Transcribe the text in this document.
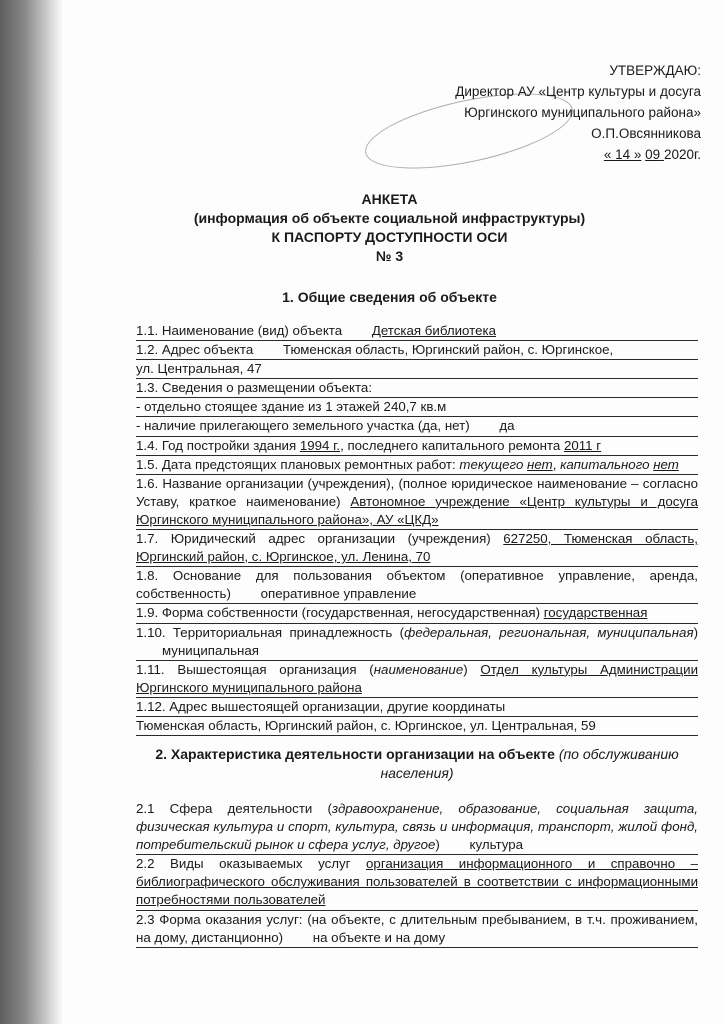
УТВЕРЖДАЮ:
Директор АУ «Центр культуры и досуга
Юргинского муниципального района»
О.П.Овсянникова
« 14 » 09 2020г.
АНКЕТА
(информация об объекте социальной инфраструктуры)
К ПАСПОРТУ ДОСТУПНОСТИ ОСИ
№ 3
1. Общие сведения об объекте
1.1. Наименование (вид) объекта Детская библиотека
1.2. Адрес объекта Тюменская область, Юргинский район, с. Юргинское,
ул. Центральная, 47
1.3. Сведения о размещении объекта:
- отдельно стоящее здание из 1 этажей 240,7 кв.м
- наличие прилегающего земельного участка (да, нет) да
1.4. Год постройки здания 1994 г., последнего капитального ремонта 2011 г
1.5. Дата предстоящих плановых ремонтных работ: текущего нет, капитального нет
1.6. Название организации (учреждения), (полное юридическое наименование – согласно Уставу, краткое наименование) Автономное учреждение «Центр культуры и досуга Юргинского муниципального района», АУ «ЦКД»
1.7. Юридический адрес организации (учреждения) 627250, Тюменская область, Юргинский район, с. Юргинское, ул. Ленина, 70
1.8. Основание для пользования объектом (оперативное управление, аренда, собственность) оперативное управление
1.9. Форма собственности (государственная, негосударственная) государственная
1.10. Территориальная принадлежность (федеральная, региональная, муниципальная) муниципальная
1.11. Вышестоящая организация (наименование) Отдел культуры Администрации Юргинского муниципального района
1.12. Адрес вышестоящей организации, другие координаты
Тюменская область, Юргинский район, с. Юргинское, ул. Центральная, 59
2. Характеристика деятельности организации на объекте (по обслуживанию населения)
2.1 Сфера деятельности (здравоохранение, образование, социальная защита, физическая культура и спорт, культура, связь и информация, транспорт, жилой фонд, потребительский рынок и сфера услуг, другое) культура
2.2 Виды оказываемых услуг организация информационного и справочно – библиографического обслуживания пользователей в соответствии с информационными потребностями пользователей
2.3 Форма оказания услуг: (на объекте, с длительным пребыванием, в т.ч. проживанием, на дому, дистанционно) на объекте и на дому
